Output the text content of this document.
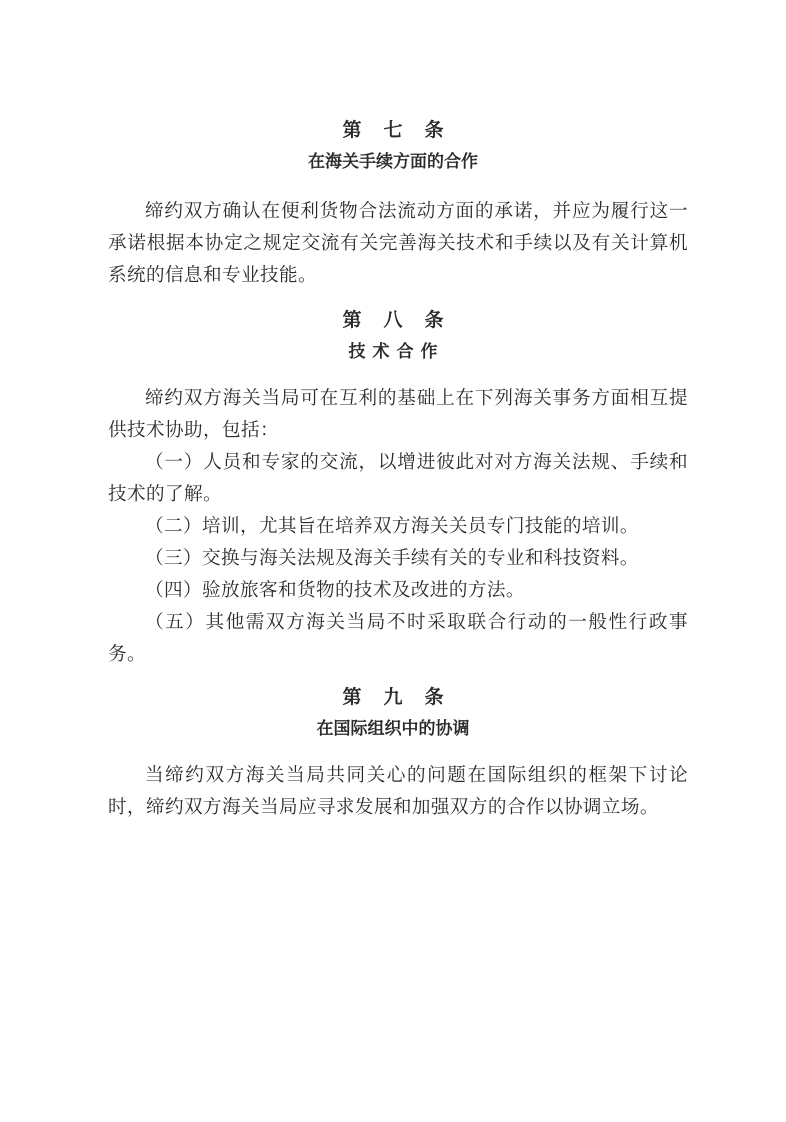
第七条
在海关手续方面的合作

缔约双方确认在便利货物合法流动方面的承诺，并应为履行这一承诺根据本协定之规定交流有关完善海关技术和手续以及有关计算机系统的信息和专业技能。

第八条
技术合作

缔约双方海关当局可在互利的基础上在下列海关事务方面相互提供技术协助，包括：

（一）人员和专家的交流，以增进彼此对对方海关法规、手续和技术的了解。

（二）培训，尤其旨在培养双方海关关员专门技能的培训。

（三）交换与海关法规及海关手续有关的专业和科技资料。

（四）验放旅客和货物的技术及改进的方法。

（五）其他需双方海关当局不时采取联合行动的一般性行政事务。

第九条
在国际组织中的协调

当缔约双方海关当局共同关心的问题在国际组织的框架下讨论时，缔约双方海关当局应寻求发展和加强双方的合作以协调立场。
